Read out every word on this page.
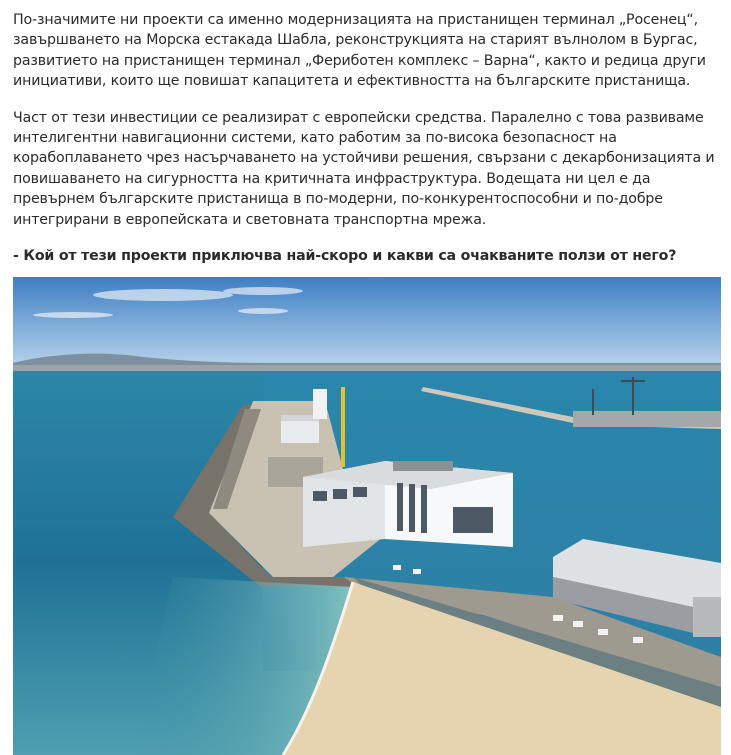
По-значимите ни проекти са именно модернизацията на пристанищен терминал „Росенец“, завършването на Морска естакада Шабла, реконструкцията на старият вълнолом в Бургас, развитието на пристанищен терминал „Фериботен комплекс – Варна“, както и редица други инициативи, които ще повишат капацитета и ефективността на българските пристанища.

Част от тези инвестиции се реализират с европейски средства. Паралелно с това развиваме интелигентни навигационни системи, като работим за по-висока безопасност на корабоплаването чрез насърчаването на устойчиви решения, свързани с декарбонизацията и повишаването на сигурността на критичната инфраструктура. Водещата ни цел е да превърнем българските пристанища в по-модерни, по-конкурентоспособни и по-добре интегрирани в европейската и световната транспортна мрежа.

- Кой от тези проекти приключва най-скоро и какви са очакваните ползи от него?
